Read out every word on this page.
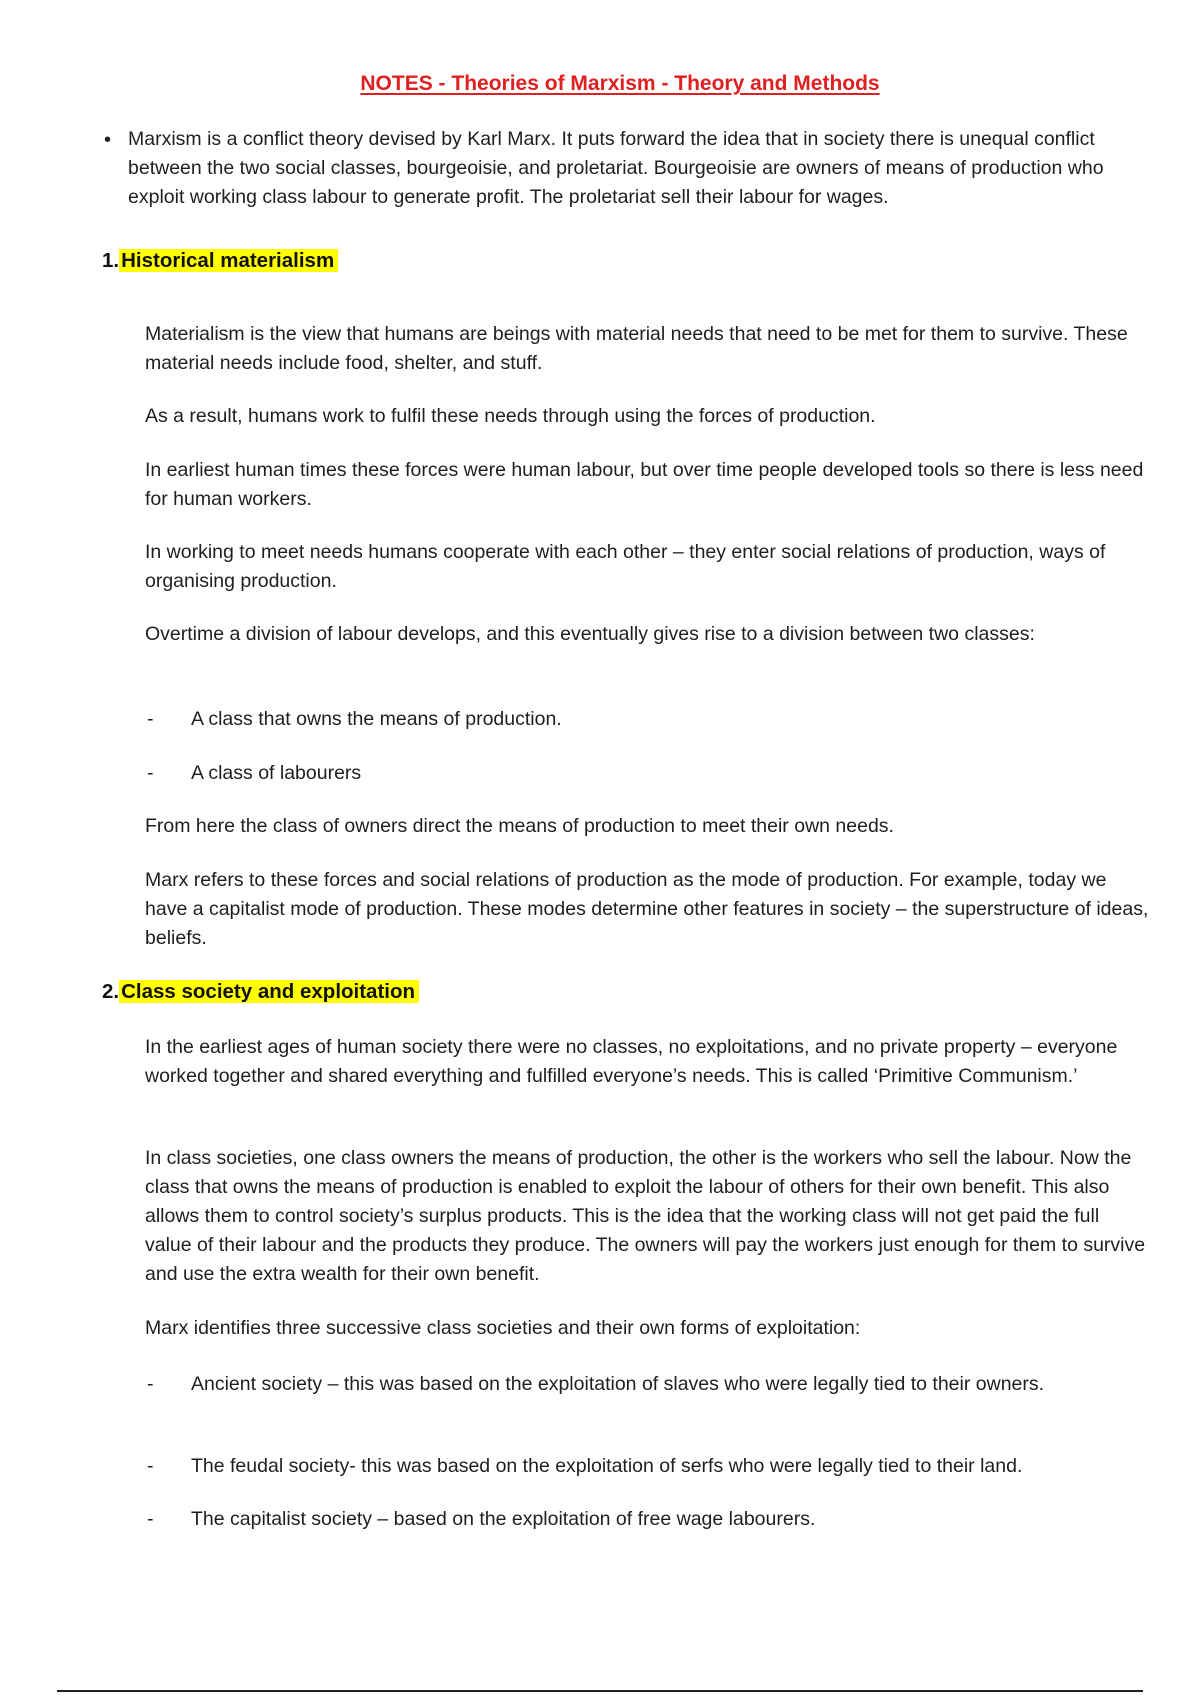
NOTES - Theories of Marxism - Theory and Methods
• Marxism is a conflict theory devised by Karl Marx. It puts forward the idea that in society there is unequal conflict between the two social classes, bourgeoisie, and proletariat. Bourgeoisie are owners of means of production who exploit working class labour to generate profit. The proletariat sell their labour for wages.

1.Historical materialism

Materialism is the view that humans are beings with material needs that need to be met for them to survive. These material needs include food, shelter, and stuff.

As a result, humans work to fulfil these needs through using the forces of production.

In earliest human times these forces were human labour, but over time people developed tools so there is less need for human workers.

In working to meet needs humans cooperate with each other – they enter social relations of production, ways of organising production.

Overtime a division of labour develops, and this eventually gives rise to a division between two classes:

-	A class that owns the means of production.
-	A class of labourers

From here the class of owners direct the means of production to meet their own needs.

Marx refers to these forces and social relations of production as the mode of production. For example, today we have a capitalist mode of production. These modes determine other features in society – the superstructure of ideas, beliefs.

2.Class society and exploitation

In the earliest ages of human society there were no classes, no exploitations, and no private property – everyone worked together and shared everything and fulfilled everyone’s needs. This is called ‘Primitive Communism.’

In class societies, one class owners the means of production, the other is the workers who sell the labour. Now the class that owns the means of production is enabled to exploit the labour of others for their own benefit. This also allows them to control society’s surplus products. This is the idea that the working class will not get paid the full value of their labour and the products they produce. The owners will pay the workers just enough for them to survive and use the extra wealth for their own benefit.

Marx identifies three successive class societies and their own forms of exploitation:

-	Ancient society – this was based on the exploitation of slaves who were legally tied to their owners.
-	The feudal society- this was based on the exploitation of serfs who were legally tied to their land.
-	The capitalist society – based on the exploitation of free wage labourers.
